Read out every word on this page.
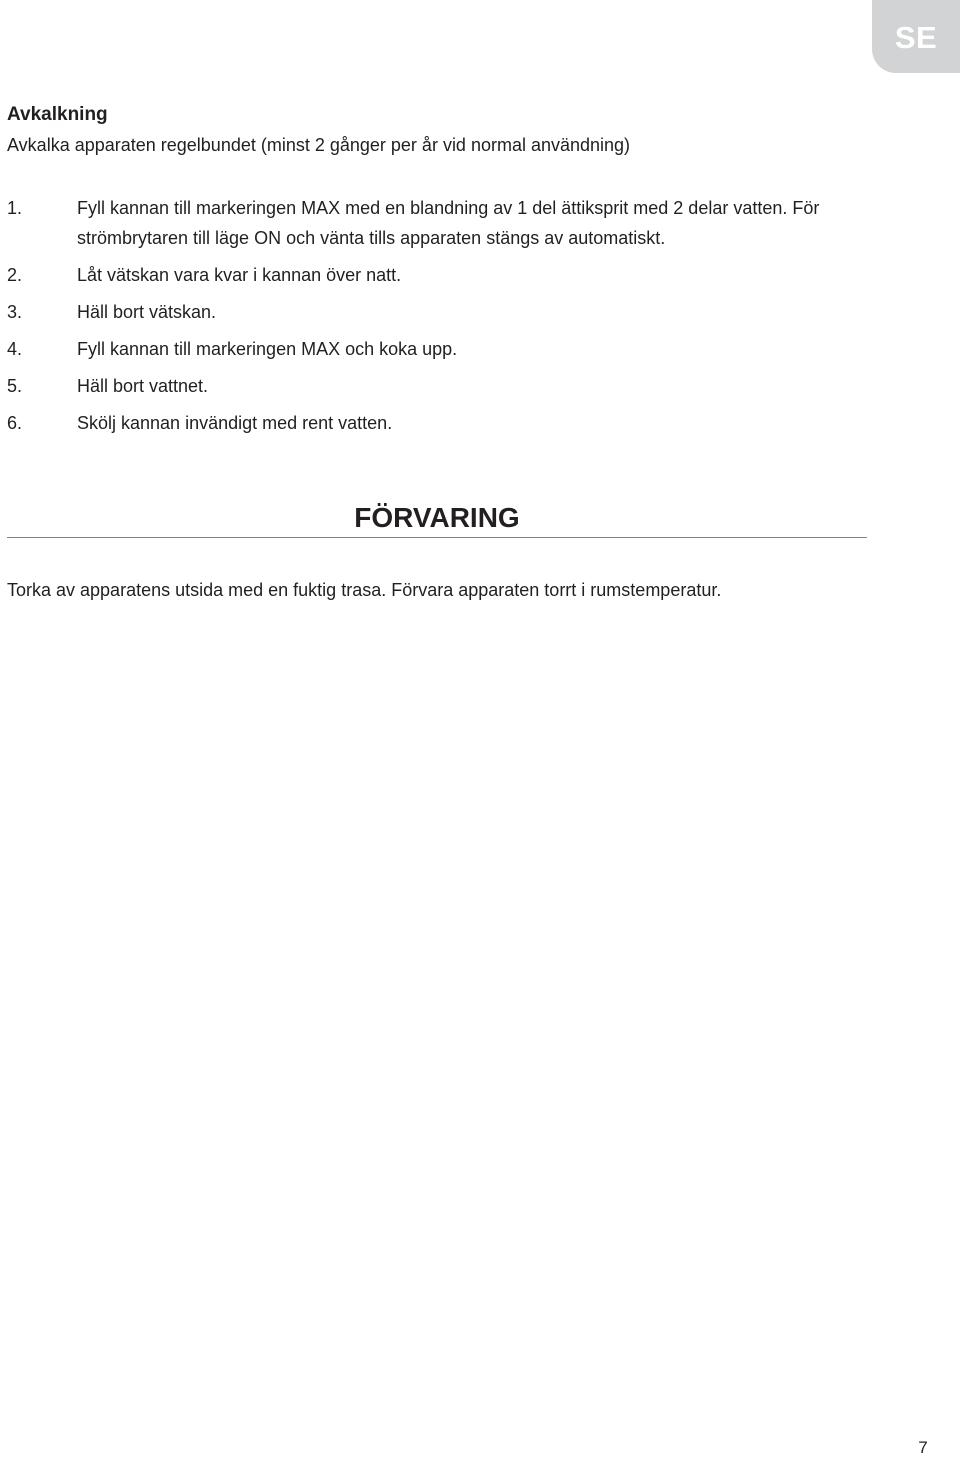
SE
Avkalkning

Avkalka apparaten regelbundet (minst 2 gånger per år vid normal användning)

1.	Fyll kannan till markeringen MAX med en blandning av 1 del ättiksprit med 2 delar vatten. För strömbrytaren till läge ON och vänta tills apparaten stängs av automatiskt.
2.	Låt vätskan vara kvar i kannan över natt.
3.	Häll bort vätskan.
4.	Fyll kannan till markeringen MAX och koka upp.
5.	Häll bort vattnet.
6.	Skölj kannan invändigt med rent vatten.
FÖRVARING

Torka av apparatens utsida med en fuktig trasa. Förvara apparaten torrt i rumstemperatur.

7
